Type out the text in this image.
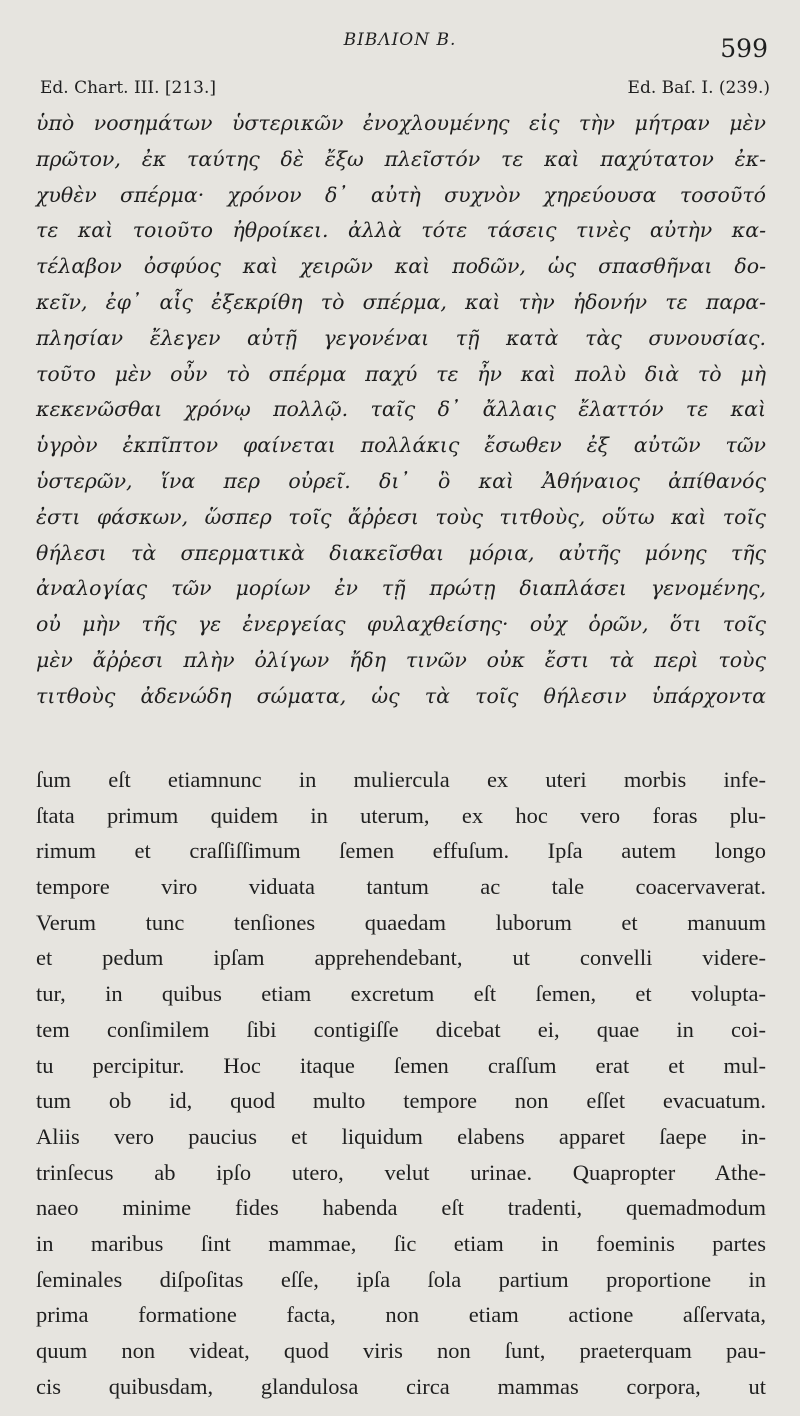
ΒΙΒΛΙΟΝ Β.	599
Ed. Chart. III. [213.]	Ed. Baſ. I. (239.)
ὑπὸ νοσημάτων ὑστερικῶν ἐνοχλουμένης εἰς τὴν μήτραν μὲν
πρῶτον, ἐκ ταύτης δὲ ἔξω πλεῖστόν τε καὶ παχύτατον ἐκ-
χυθὲν σπέρμα· χρόνον δ᾽ αὐτὴ συχνὸν χηρεύουσα τοσοῦτό
τε καὶ τοιοῦτο ἠθροίκει. ἀλλὰ τότε τάσεις τινὲς αὐτὴν κα-
τέλαβον ὀσφύος καὶ χειρῶν καὶ ποδῶν, ὡς σπασθῆναι δο-
κεῖν, ἐφ᾽ αἷς ἐξεκρίθη τὸ σπέρμα, καὶ τὴν ἡδονήν τε παρα-
πλησίαν ἔλεγεν αὐτῇ γεγονέναι τῇ κατὰ τὰς συνουσίας.
τοῦτο μὲν οὖν τὸ σπέρμα παχύ τε ἦν καὶ πολὺ διὰ τὸ μὴ
κεκενῶσθαι χρόνῳ πολλῷ. ταῖς δ᾽ ἄλλαις ἔλαττόν τε καὶ
ὑγρὸν ἐκπῖπτον φαίνεται πολλάκις ἔσωθεν ἐξ αὐτῶν τῶν
ὑστερῶν, ἵνα περ οὐρεῖ. δι᾽ ὃ καὶ Ἀθήναιος ἀπίθανός
ἐστι φάσκων, ὥσπερ τοῖς ἄῤῥεσι τοὺς τιτθοὺς, οὕτω καὶ τοῖς
θήλεσι τὰ σπερματικὰ διακεῖσθαι μόρια, αὐτῆς μόνης τῆς
ἀναλογίας τῶν μορίων ἐν τῇ πρώτῃ διαπλάσει γενομένης,
οὐ μὴν τῆς γε ἐνεργείας φυλαχθείσης· οὐχ ὁρῶν, ὅτι τοῖς
μὲν ἄῤῥεσι πλὴν ὀλίγων ἤδη τινῶν οὐκ ἔστι τὰ περὶ τοὺς
τιτθοὺς ἀδενώδη σώματα, ὡς τὰ τοῖς θήλεσιν ὑπάρχοντα
ſum eſt etiamnunc in muliercula ex uteri morbis infe-
ſtata primum quidem in uterum, ex hoc vero foras plu-
rimum et craſſiſſimum ſemen effuſum. Ipſa autem longo
tempore viro viduata tantum ac tale coacervaverat.
Verum tunc tenſiones quaedam luborum et manuum
et pedum ipſam apprehendebant, ut convelli videre-
tur, in quibus etiam excretum eſt ſemen, et volupta-
tem conſimilem ſibi contigiſſe dicebat ei, quae in coi-
tu percipitur. Hoc itaque ſemen craſſum erat et mul-
tum ob id, quod multo tempore non eſſet evacuatum.
Aliis vero paucius et liquidum elabens apparet ſaepe in-
trinſecus ab ipſo utero, velut urinae. Quapropter Athe-
naeo minime fides habenda eſt tradenti, quemadmodum
in maribus ſint mammae, ſic etiam in foeminis partes
ſeminales diſpoſitas eſſe, ipſa ſola partium proportione in
prima formatione facta, non etiam actione aſſervata,
quum non videat, quod viris non ſunt, praeterquam pau-
cis quibusdam, glandulosa circa mammas corpora, ut
